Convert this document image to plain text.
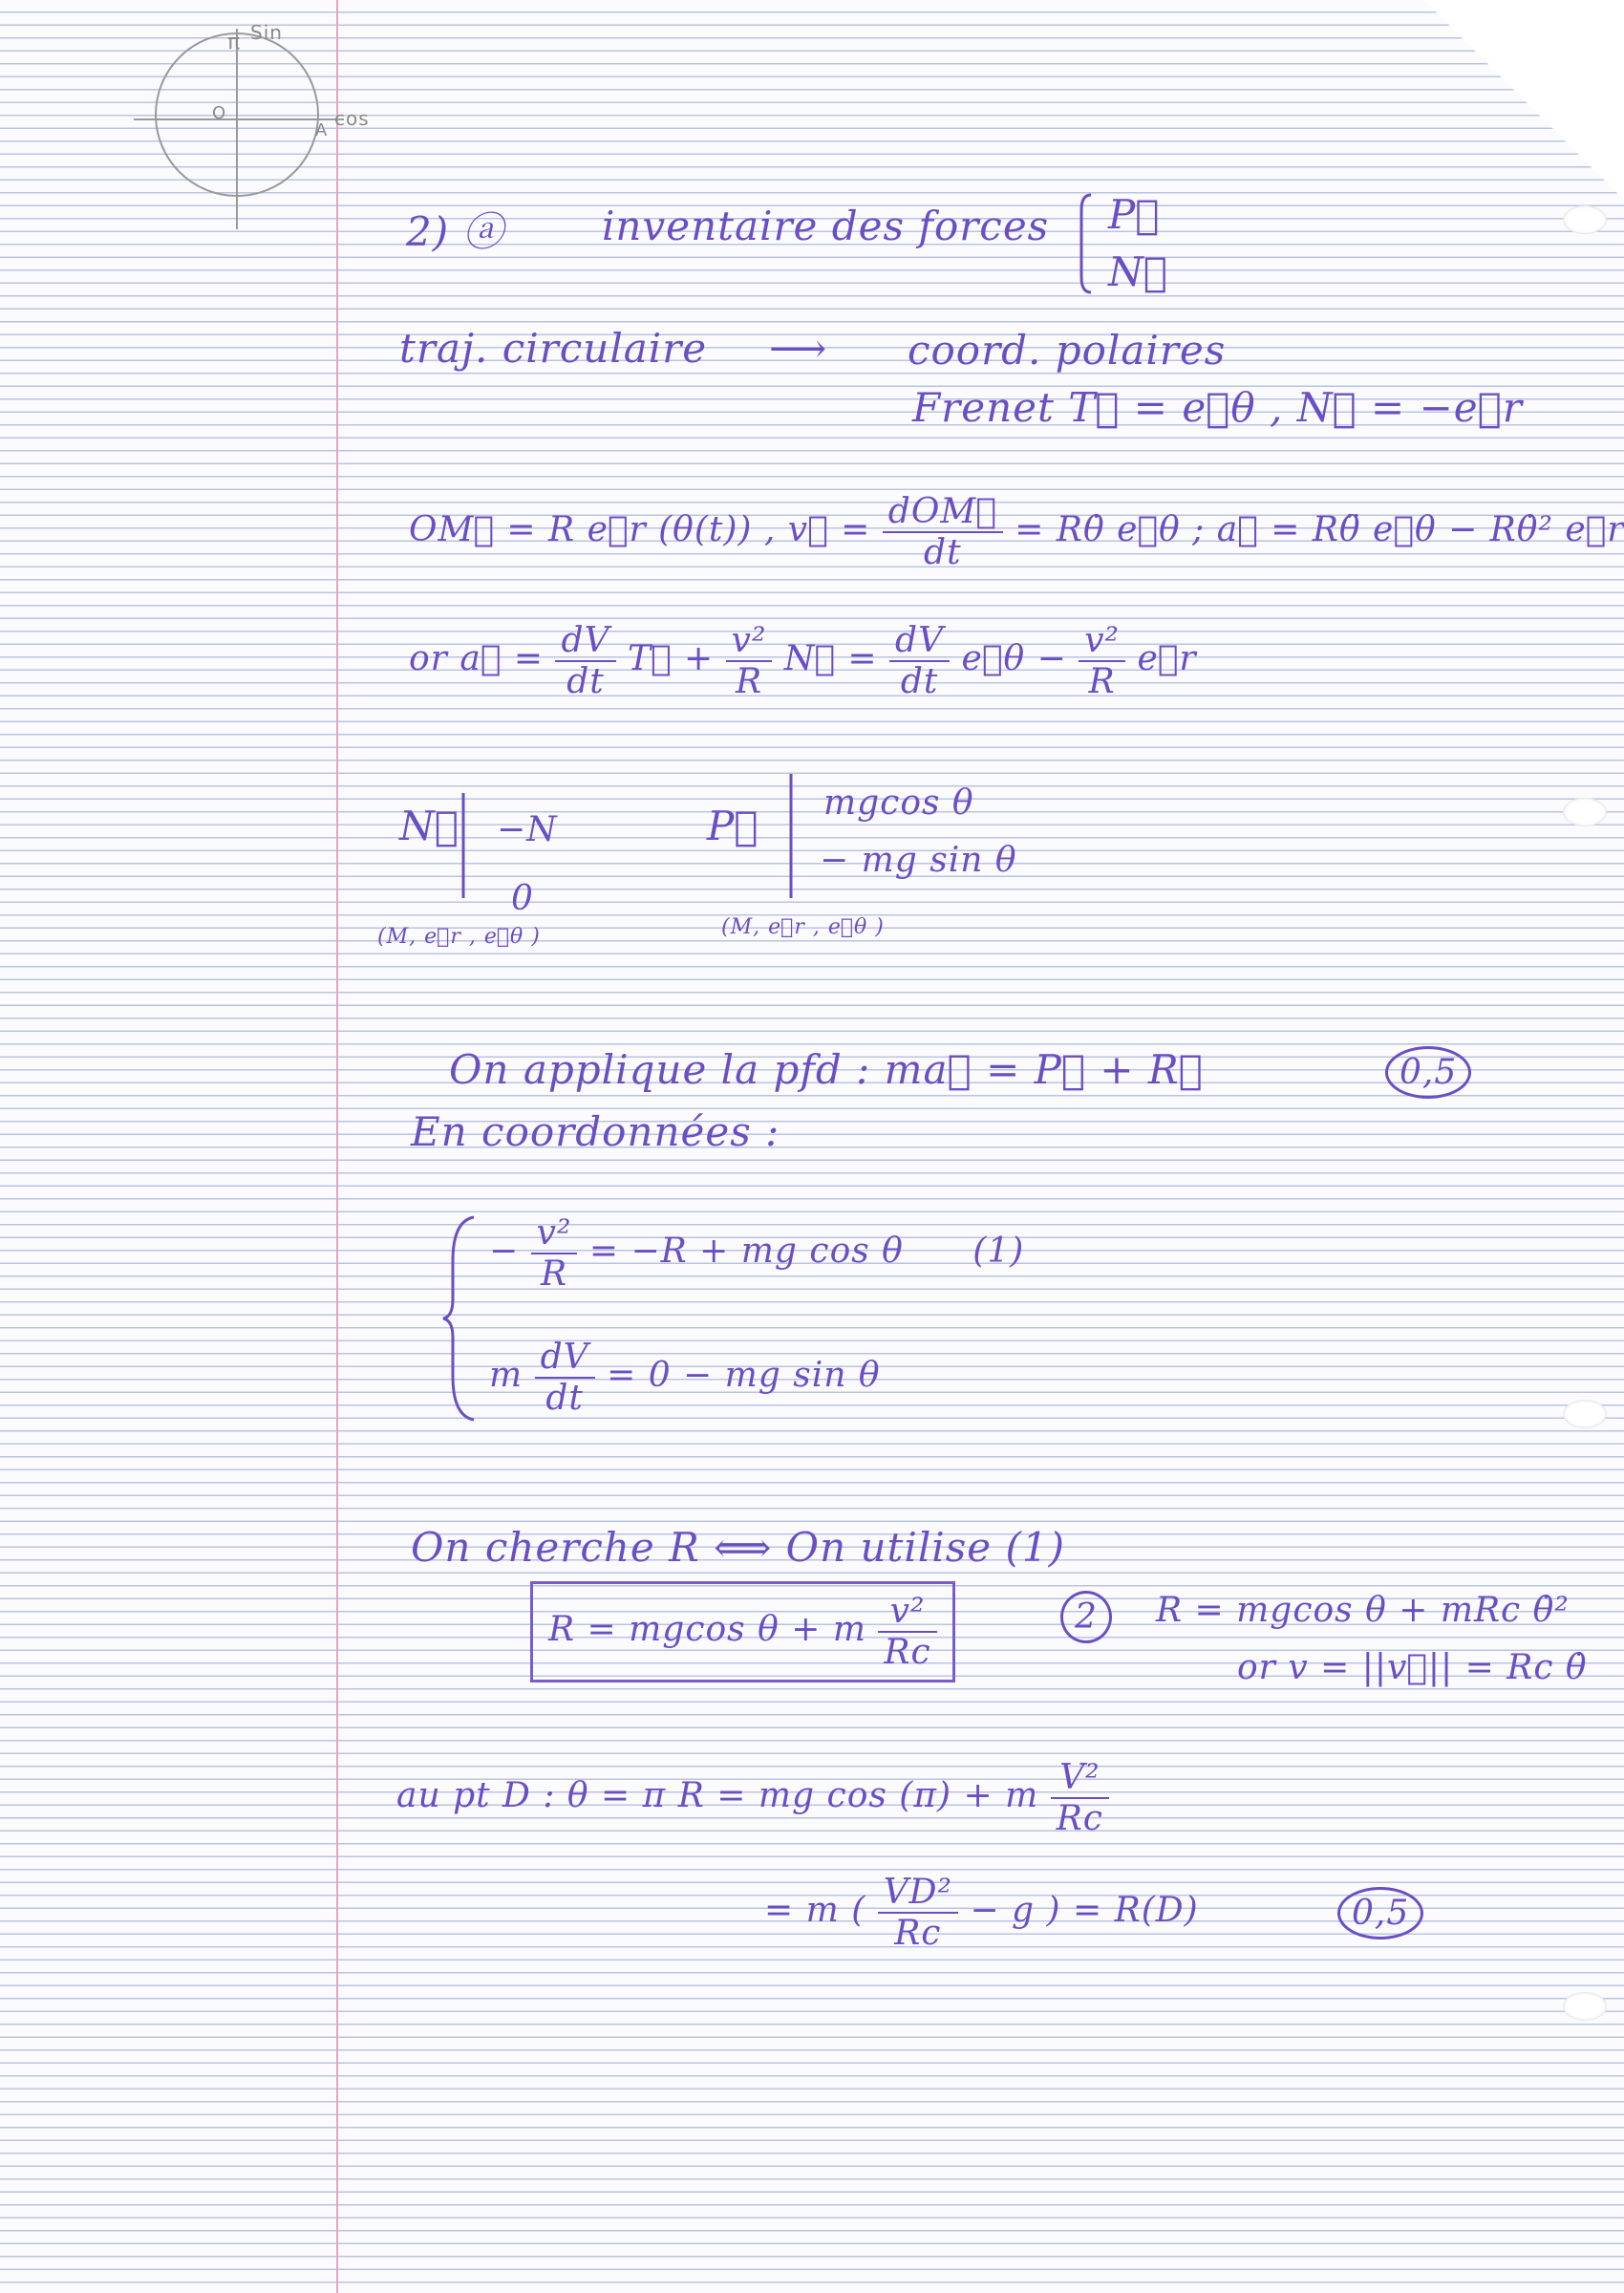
Sin
cos
O
A
π
2) ⓐ inventaire des forces P⃗
N⃗
traj. circulaire ⟶ coord. polaires
Frenet T⃗ = e⃗θ , N⃗ = −e⃗r
OM⃗ = R e⃗r (θ(t)) , v⃗ = $\frac{\text{dOM⃗}}{dt}$ = Rθ̇ e⃗θ ; a⃗ = Rθ̈ e⃗θ − Rθ̇² e⃗r
or a⃗ = $\frac{dV}{dt}$ T⃗ + $\frac{\text{v²}}{R}$ N⃗ = $\frac{dV}{dt}$ e⃗θ − $\frac{\text{v²}}{R}$ e⃗r
N⃗ −N
0
(M, e⃗r , e⃗θ )
P⃗ mgcos θ
− mg sin θ
(M, e⃗r , e⃗θ )
On applique la pfd : ma⃗ = P⃗ + R⃗	0,5
En coordonnées :
− $\frac{\text{v²}}{R} = -R$ + mg cos θ (1)
m $\frac{dV}{dt} = 0$ − mg sin θ
On cherche R ⟺ On utilise (1)
R = mgcos θ + m $\frac{\text{v²}}{Rc}$	2	R = mgcos θ + mRc θ̇²
or v = ||v⃗|| = Rc θ̇
au pt D : θ = π R = mg cos (π) + m $\frac{\text{V²}}{Rc}$
= m ( $\frac{\text{VD²}}{Rc} - g$ ) = R(D)	0,5
